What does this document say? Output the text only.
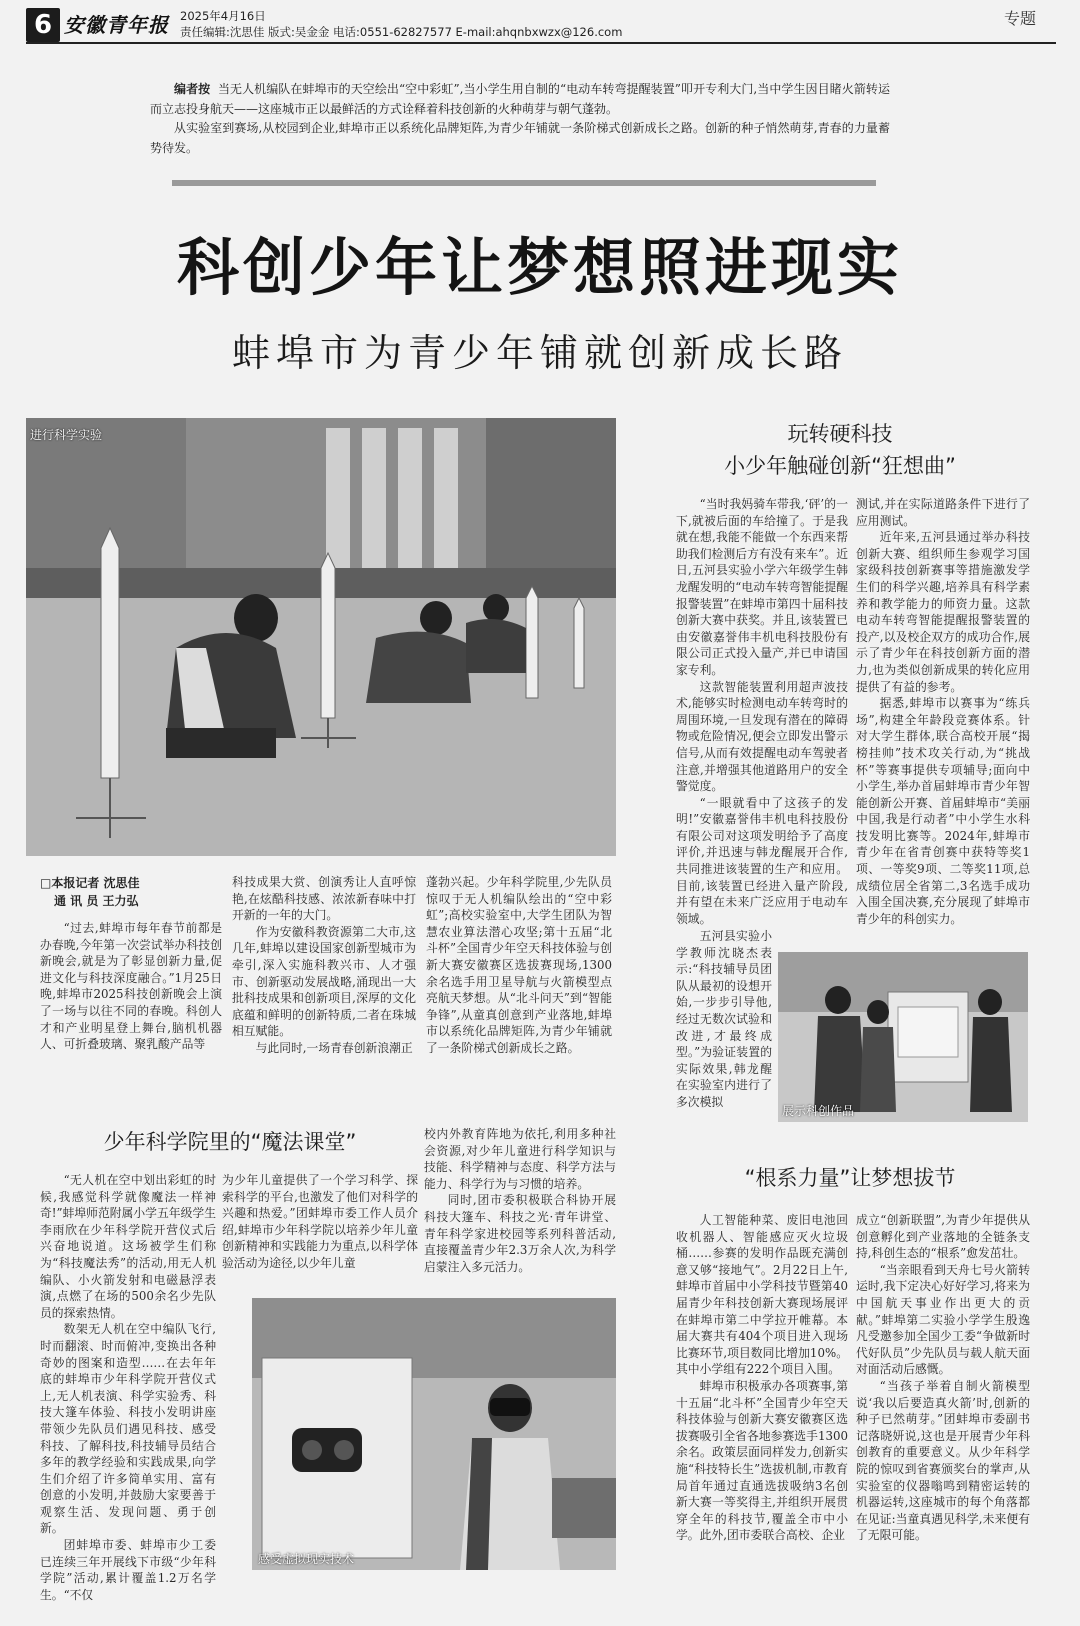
6 安徽青年报 2025年4月16日
责任编辑:沈思佳 版式:吴金金 电话:0551-62827577 E-mail:ahqnbxwzx@126.com
专题

编者按 当无人机编队在蚌埠市的天空绘出“空中彩虹”,当小学生用自制的“电动车转弯提醒装置”叩开专利大门,当中学生因目睹火箭转运而立志投身航天——这座城市正以最鲜活的方式诠释着科技创新的火种萌芽与朝气蓬勃。

从实验室到赛场,从校园到企业,蚌埠市正以系统化品牌矩阵,为青少年铺就一条阶梯式创新成长之路。创新的种子悄然萌芽,青春的力量蓄势待发。

科创少年让梦想照进现实
蚌埠市为青少年铺就创新成长路
进行科学实验
□本报记者 沈思佳
通 讯 员 王力弘

“过去,蚌埠市每年春节前都是办春晚,今年第一次尝试举办科技创新晚会,就是为了彰显创新力量,促进文化与科技深度融合。”1月25日晚,蚌埠市2025科技创新晚会上演了一场与以往不同的春晚。科创人才和产业明星登上舞台,脑机机器人、可折叠玻璃、聚乳酸产品等

科技成果大赏、创演秀让人直呼惊艳,在炫酷科技感、浓浓新春味中打开新的一年的大门。

作为安徽科教资源第二大市,这几年,蚌埠以建设国家创新型城市为牵引,深入实施科教兴市、人才强市、创新驱动发展战略,涌现出一大批科技成果和创新项目,深厚的文化底蕴和鲜明的创新特质,二者在珠城相互赋能。

与此同时,一场青春创新浪潮正

蓬勃兴起。少年科学院里,少先队员惊叹于无人机编队绘出的“空中彩虹”;高校实验室中,大学生团队为智慧农业算法潜心攻坚;第十五届“北斗杯”全国青少年空天科技体验与创新大赛安徽赛区选拔赛现场,1300余名选手用卫星导航与火箭模型点亮航天梦想。从“北斗问天”到“智能争锋”,从童真创意到产业落地,蚌埠市以系统化品牌矩阵,为青少年铺就了一条阶梯式创新成长之路。

玩转硬科技
小少年触碰创新“狂想曲”

“当时我妈骑车带我,‘砰’的一下,就被后面的车给撞了。于是我就在想,我能不能做一个东西来帮助我们检测后方有没有来车”。近日,五河县实验小学六年级学生韩龙醒发明的“电动车转弯智能提醒报警装置”在蚌埠市第四十届科技创新大赛中获奖。并且,该装置已由安徽嘉誉伟丰机电科技股份有限公司正式投入量产,并已申请国家专利。

这款智能装置利用超声波技术,能够实时检测电动车转弯时的周围环境,一旦发现有潜在的障碍物或危险情况,便会立即发出警示信号,从而有效提醒电动车驾驶者注意,并增强其他道路用户的安全警觉度。

“一眼就看中了这孩子的发明!”安徽嘉誉伟丰机电科技股份有限公司对这项发明给予了高度评价,并迅速与韩龙醒展开合作,共同推进该装置的生产和应用。目前,该装置已经进入量产阶段,并有望在未来广泛应用于电动车领域。

五河县实验小学教师沈晓杰表示:“科技辅导员团队从最初的设想开始,一步步引导他,经过无数次试验和改进,才最终成型。”为验证装置的实际效果,韩龙醒在实验室内进行了多次模拟

测试,并在实际道路条件下进行了应用测试。

近年来,五河县通过举办科技创新大赛、组织师生参观学习国家级科技创新赛事等措施激发学生们的科学兴趣,培养具有科学素养和教学能力的师资力量。这款电动车转弯智能提醒报警装置的投产,以及校企双方的成功合作,展示了青少年在科技创新方面的潜力,也为类似创新成果的转化应用提供了有益的参考。

据悉,蚌埠市以赛事为“练兵场”,构建全年龄段竞赛体系。针对大学生群体,联合高校开展“揭榜挂帅”技术攻关行动,为“挑战杯”等赛事提供专项辅导;面向中小学生,举办首届蚌埠市青少年智能创新公开赛、首届蚌埠市“美丽中国,我是行动者”中小学生水科技发明比赛等。2024年,蚌埠市青少年在省青创赛中获特等奖1项、一等奖9项、二等奖11项,总成绩位居全省第二,3名选手成功入围全国决赛,充分展现了蚌埠市青少年的科创实力。

展示科创作品
少年科学院里的“魔法课堂”

“无人机在空中划出彩虹的时候,我感觉科学就像魔法一样神奇!”蚌埠师范附属小学五年级学生李雨欣在少年科学院开营仪式后兴奋地说道。这场被学生们称为“科技魔法秀”的活动,用无人机编队、小火箭发射和电磁悬浮表演,点燃了在场的500余名少先队员的探索热情。

数架无人机在空中编队飞行,时而翻滚、时而俯冲,变换出各种奇妙的图案和造型……在去年年底的蚌埠市少年科学院开营仪式上,无人机表演、科学实验秀、科技大篷车体验、科技小发明讲座带领少先队员们遇见科技、感受科技、了解科技,科技辅导员结合多年的教学经验和实践成果,向学生们介绍了许多简单实用、富有创意的小发明,并鼓励大家要善于观察生活、发现问题、勇于创新。

团蚌埠市委、蚌埠市少工委已连续三年开展线下市级“少年科学院”活动,累计覆盖1.2万名学生。“不仅

为少年儿童提供了一个学习科学、探索科学的平台,也激发了他们对科学的兴趣和热爱。”团蚌埠市委工作人员介绍,蚌埠市少年科学院以培养少年儿童创新精神和实践能力为重点,以科学体验活动为途径,以少年儿童

校内外教育阵地为依托,利用多种社会资源,对少年儿童进行科学知识与技能、科学精神与态度、科学方法与能力、科学行为与习惯的培养。

同时,团市委积极联合科协开展科技大篷车、科技之光·青年讲堂、青年科学家进校园等系列科普活动,直接覆盖青少年2.3万余人次,为科学启蒙注入多元活力。

感受虚拟现实技术
“根系力量”让梦想拔节

人工智能种菜、废旧电池回收机器人、智能感应灭火垃圾桶……参赛的发明作品既充满创意又够“接地气”。2月22日上午,蚌埠市首届中小学科技节暨第40届青少年科技创新大赛现场展评在蚌埠市第二中学拉开帷幕。本届大赛共有404个项目进入现场比赛环节,项目数同比增加10%。其中小学组有222个项目入围。

蚌埠市积极承办各项赛事,第十五届“北斗杯”全国青少年空天科技体验与创新大赛安徽赛区选拔赛吸引全省各地参赛选手1300余名。政策层面同样发力,创新实施“科技特长生”选拔机制,市教育局首年通过直通选拔吸纳3名创新大赛一等奖得主,并组织开展贯穿全年的科技节,覆盖全市中小学。此外,团市委联合高校、企业

成立“创新联盟”,为青少年提供从创意孵化到产业落地的全链条支持,科创生态的“根系”愈发茁壮。

“当亲眼看到天舟七号火箭转运时,我下定决心好好学习,将来为中国航天事业作出更大的贡献。”蚌埠第二实验小学学生殷逸凡受邀参加全国少工委“争做新时代好队员”少先队员与载人航天面对面活动后感慨。

“当孩子举着自制火箭模型说‘我以后要造真火箭’时,创新的种子已然萌芽。”团蚌埠市委副书记落晓妍说,这也是开展青少年科创教育的重要意义。从少年科学院的惊叹到省赛颁奖台的掌声,从实验室的仪器嗡鸣到精密运转的机器运转,这座城市的每个角落都在见证:当童真遇见科学,未来便有了无限可能。
